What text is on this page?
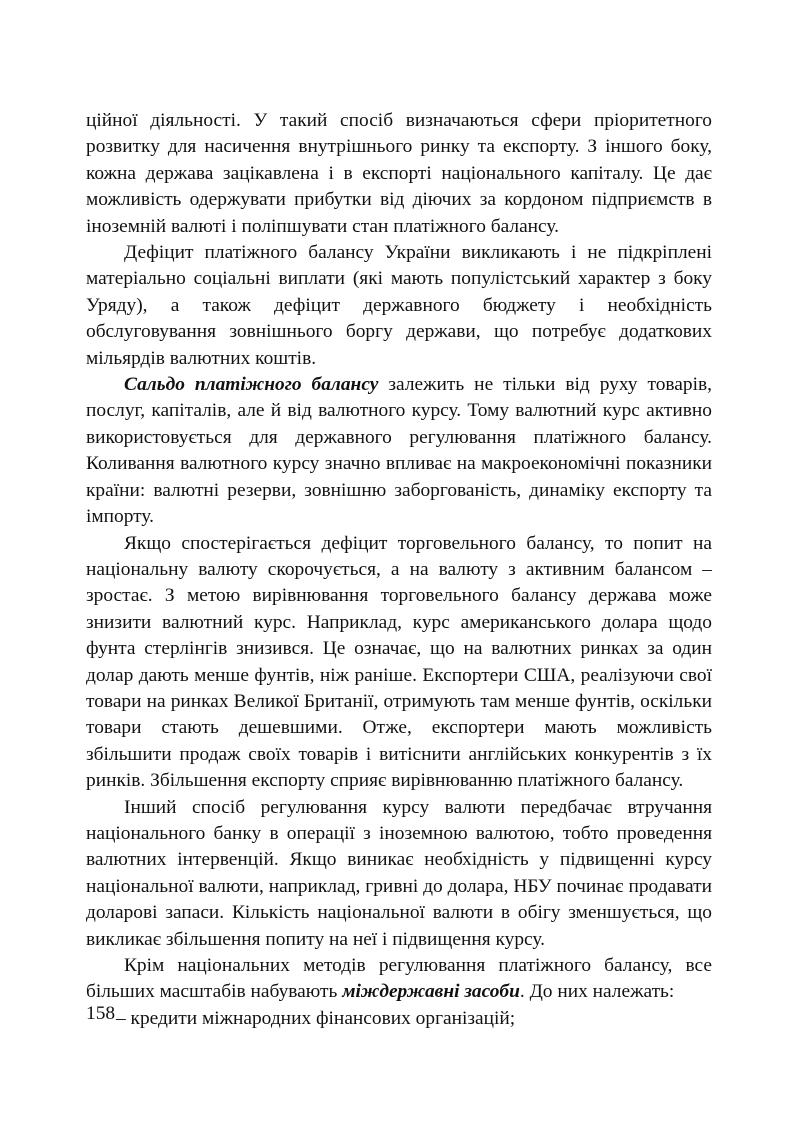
ційної діяльності. У такий спосіб визначаються сфери пріоритетного розвитку для насичення внутрішнього ринку та експорту. З іншого боку, кожна держава зацікавлена і в експорті національного капіталу. Це дає можливість одержувати прибутки від діючих за кордоном підприємств в іноземній валюті і поліпшувати стан платіжного балансу.

Дефіцит платіжного балансу України викликають і не підкріплені матеріально соціальні виплати (які мають популістський характер з боку Уряду), а також дефіцит державного бюджету і необхідність обслуговування зовнішнього боргу держави, що потребує додаткових мільярдів валютних коштів.

Сальдо платіжного балансу залежить не тільки від руху товарів, послуг, капіталів, але й від валютного курсу. Тому валютний курс активно використовується для державного регулювання платіжного балансу. Коливання валютного курсу значно впливає на макроекономічні показники країни: валютні резерви, зовнішню заборгованість, динаміку експорту та імпорту.

Якщо спостерігається дефіцит торговельного балансу, то попит на національну валюту скорочується, а на валюту з активним балансом – зростає. З метою вирівнювання торговельного балансу держава може знизити валютний курс. Наприклад, курс американського долара щодо фунта стерлінгів знизився. Це означає, що на валютних ринках за один долар дають менше фунтів, ніж раніше. Експортери США, реалізуючи свої товари на ринках Великої Британії, отримують там менше фунтів, оскільки товари стають дешевшими. Отже, експортери мають можливість збільшити продаж своїх товарів і витіснити англійських конкурентів з їх ринків. Збільшення експорту сприяє вирівнюванню платіжного балансу.

Інший спосіб регулювання курсу валюти передбачає втручання національного банку в операції з іноземною валютою, тобто проведення валютних інтервенцій. Якщо виникає необхідність у підвищенні курсу національної валюти, наприклад, гривні до долара, НБУ починає продавати доларові запаси. Кількість національної валюти в обігу зменшується, що викликає збільшення попиту на неї і підвищення курсу.

Крім національних методів регулювання платіжного балансу, все більших масштабів набувають міждержавні засоби. До них належать:

– кредити міжнародних фінансових організацій;

158
